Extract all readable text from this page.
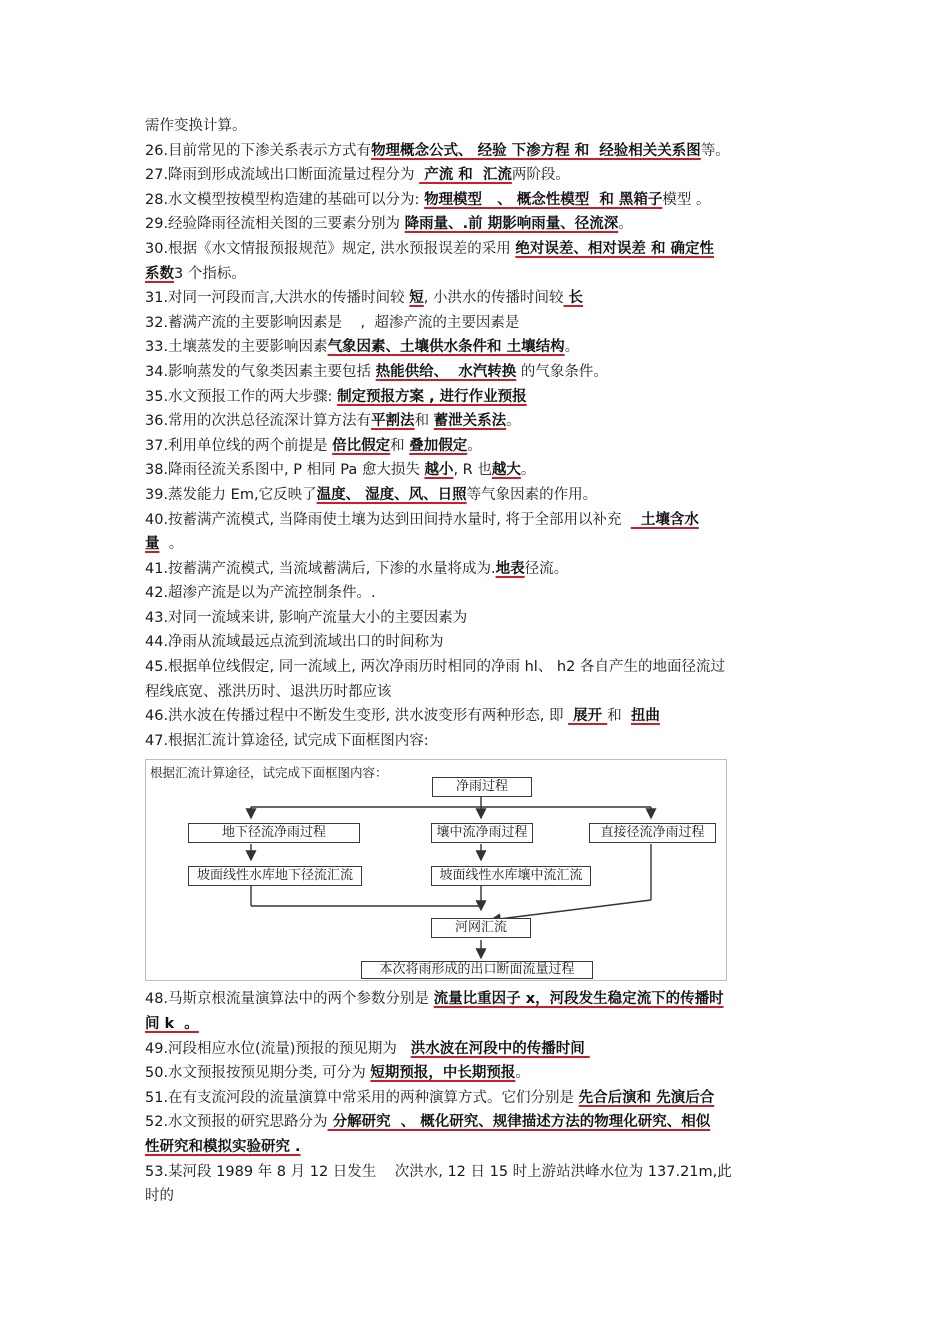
需作变换计算。
26.目前常见的下渗关系表示方式有物理概念公式、 经验 下渗方程 和  经验相关关系图等。
27.降雨到形成流域出口断面流量过程分为  产流 和  汇流两阶段。
28.水文模型按模型构造建的基础可以分为: 物理模型   、 概念性模型  和 黑箱子模型 。
29.经验降雨径流相关图的三要素分别为 降雨量、.前 期影响雨量、径流深。
30.根据《水文情报预报规范》规定, 洪水预报误差的采用 绝对误差、相对误差 和 确定性
系数3 个指标。
31.对同一河段而言,大洪水的传播时间较 短, 小洪水的传播时间较 长
32.蓄满产流的主要影响因素是    ,  超渗产流的主要因素是
33.土壤蒸发的主要影响因素气象因素、土壤供水条件和 土壤结构。
34.影响蒸发的气象类因素主要包括 热能供给、  水汽转换 的气象条件。
35.水文预报工作的两大步骤: 制定预报方案 , 进行作业预报
36.常用的次洪总径流深计算方法有平割法和 蓄泄关系法。
37.利用单位线的两个前提是 倍比假定和 叠加假定。
38.降雨径流关系图中, P 相同 Pa 愈大损失 越小, R 也越大。
39.蒸发能力 Em,它反映了温度、 湿度、风、日照等气象因素的作用。
40.按蓄满产流模式, 当降雨使土壤为达到田间持水量时, 将于全部用以补充    土壤含水
量  。
41.按蓄满产流模式, 当流域蓄满后, 下渗的水量将成为.地表径流。
42.超渗产流是以为产流控制条件。.
43.对同一流域来讲, 影响产流量大小的主要因素为
44.净雨从流域最远点流到流域出口的时间称为
45.根据单位线假定, 同一流域上, 两次净雨历时相同的净雨 hl、 h2 各自产生的地面径流过
程线底宽、涨洪历时、退洪历时都应该
46.洪水波在传播过程中不断发生变形, 洪水波变形有两种形态, 即  展开 和  扭曲
47.根据汇流计算途径, 试完成下面框图内容:
根据汇流计算途径，试完成下面框图内容：
净雨过程
地下径流净雨过程	壤中流净雨过程	直接径流净雨过程
坡面线性水库地下径流汇流	坡面线性水库壤中流汇流
河网汇流
本次将雨形成的出口断面流量过程
48.马斯京根流量演算法中的两个参数分别是 流量比重因子 x，河段发生稳定流下的传播时
间 k  。
49.河段相应水位(流量)预报的预见期为   洪水波在河段中的传播时间
50.水文预报按预见期分类, 可分为 短期预报，中长期预报。
51.在有支流河段的流量演算中常采用的两种演算方式。它们分别是 先合后演和 先演后合
52.水文预报的研究思路分为 分解研究  、 概化研究、规律描述方法的物理化研究、相似
性研究和模拟实验研究 .
53.某河段 1989 年 8 月 12 日发生    次洪水, 12 日 15 时上游站洪峰水位为 137.21m,此
时的
